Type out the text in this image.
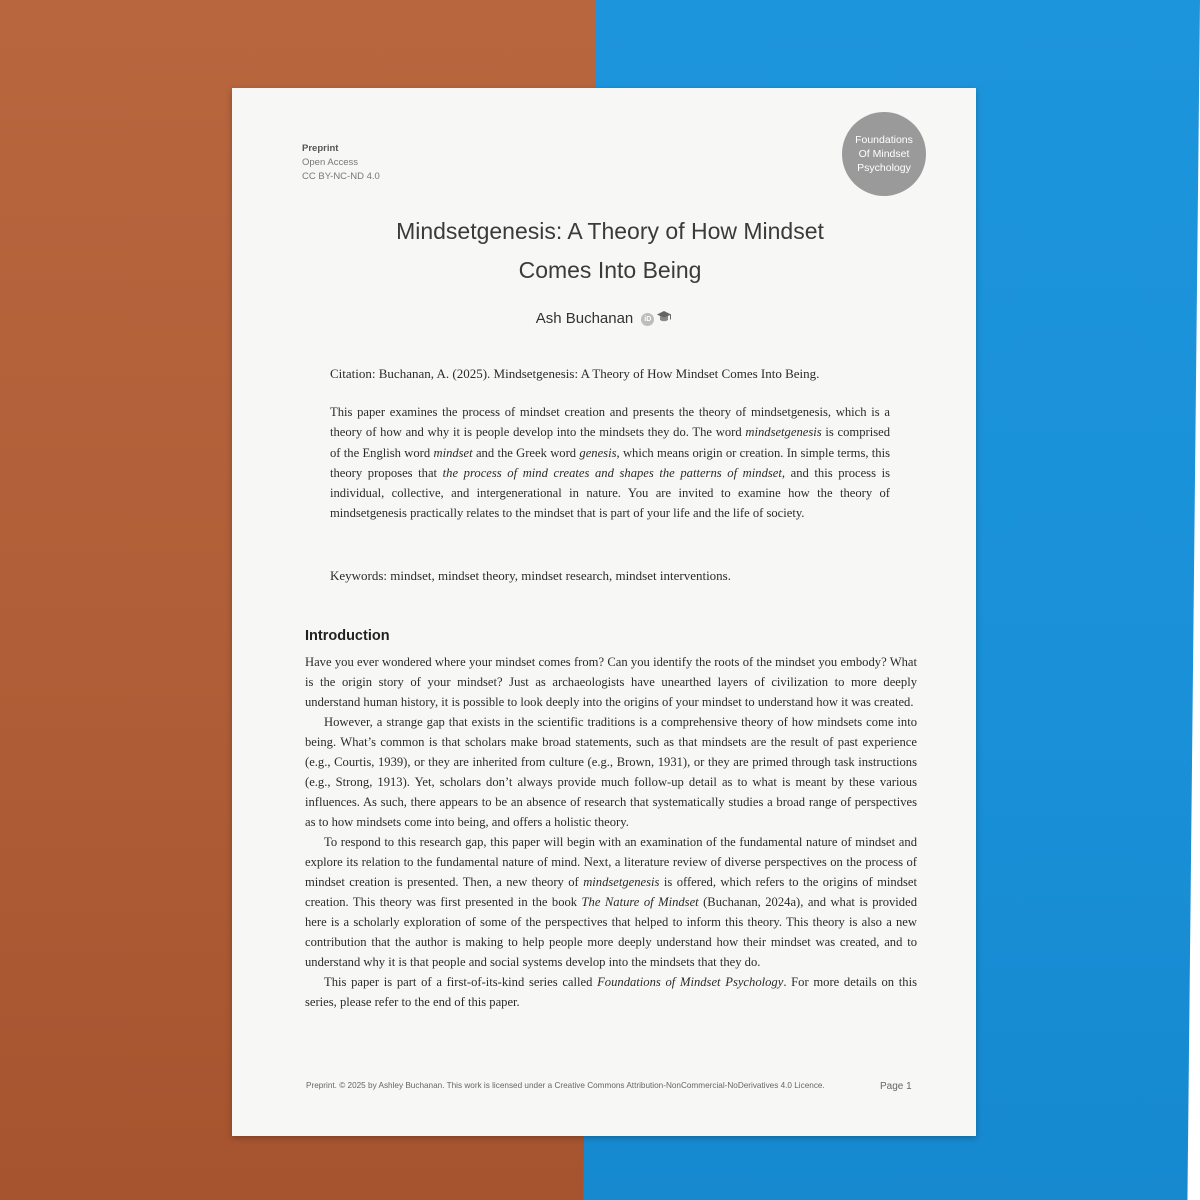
Preprint
Open Access
CC BY-NC-ND 4.0
Foundations
Of Mindset
Psychology
Mindsetgenesis: A Theory of How Mindset
Comes Into Being
Ash Buchanan iD
Citation: Buchanan, A. (2025). Mindsetgenesis: A Theory of How Mindset Comes Into Being.
This paper examines the process of mindset creation and presents the theory of mindsetgenesis, which is a theory of how and why it is people develop into the mindsets they do. The word mindsetgenesis is comprised of the English word mindset and the Greek word genesis, which means origin or creation. In simple terms, this theory proposes that the process of mind creates and shapes the patterns of mindset, and this process is individual, collective, and intergenerational in nature. You are invited to examine how the theory of mindsetgenesis practically relates to the mindset that is part of your life and the life of society.
Keywords: mindset, mindset theory, mindset research, mindset interventions.
Introduction

Have you ever wondered where your mindset comes from? Can you identify the roots of the mindset you embody? What is the origin story of your mindset? Just as archaeologists have unearthed layers of civilization to more deeply understand human history, it is possible to look deeply into the origins of your mindset to understand how it was created.

However, a strange gap that exists in the scientific traditions is a comprehensive theory of how mindsets come into being. What’s common is that scholars make broad statements, such as that mindsets are the result of past experience (e.g., Courtis, 1939), or they are inherited from culture (e.g., Brown, 1931), or they are primed through task instructions (e.g., Strong, 1913). Yet, scholars don’t always provide much follow-up detail as to what is meant by these various influences. As such, there appears to be an absence of research that systematically studies a broad range of perspectives as to how mindsets come into being, and offers a holistic theory.

To respond to this research gap, this paper will begin with an examination of the fundamental nature of mindset and explore its relation to the fundamental nature of mind. Next, a literature review of diverse perspectives on the process of mindset creation is presented. Then, a new theory of mindsetgenesis is offered, which refers to the origins of mindset creation. This theory was first presented in the book The Nature of Mindset (Buchanan, 2024a), and what is provided here is a scholarly exploration of some of the perspectives that helped to inform this theory. This theory is also a new contribution that the author is making to help people more deeply understand how their mindset was created, and to understand why it is that people and social systems develop into the mindsets that they do.

This paper is part of a first-of-its-kind series called Foundations of Mindset Psychology. For more details on this series, please refer to the end of this paper.

Preprint. © 2025 by Ashley Buchanan. This work is licensed under a Creative Commons Attribution-NonCommercial-NoDerivatives 4.0 Licence.	Page 1
